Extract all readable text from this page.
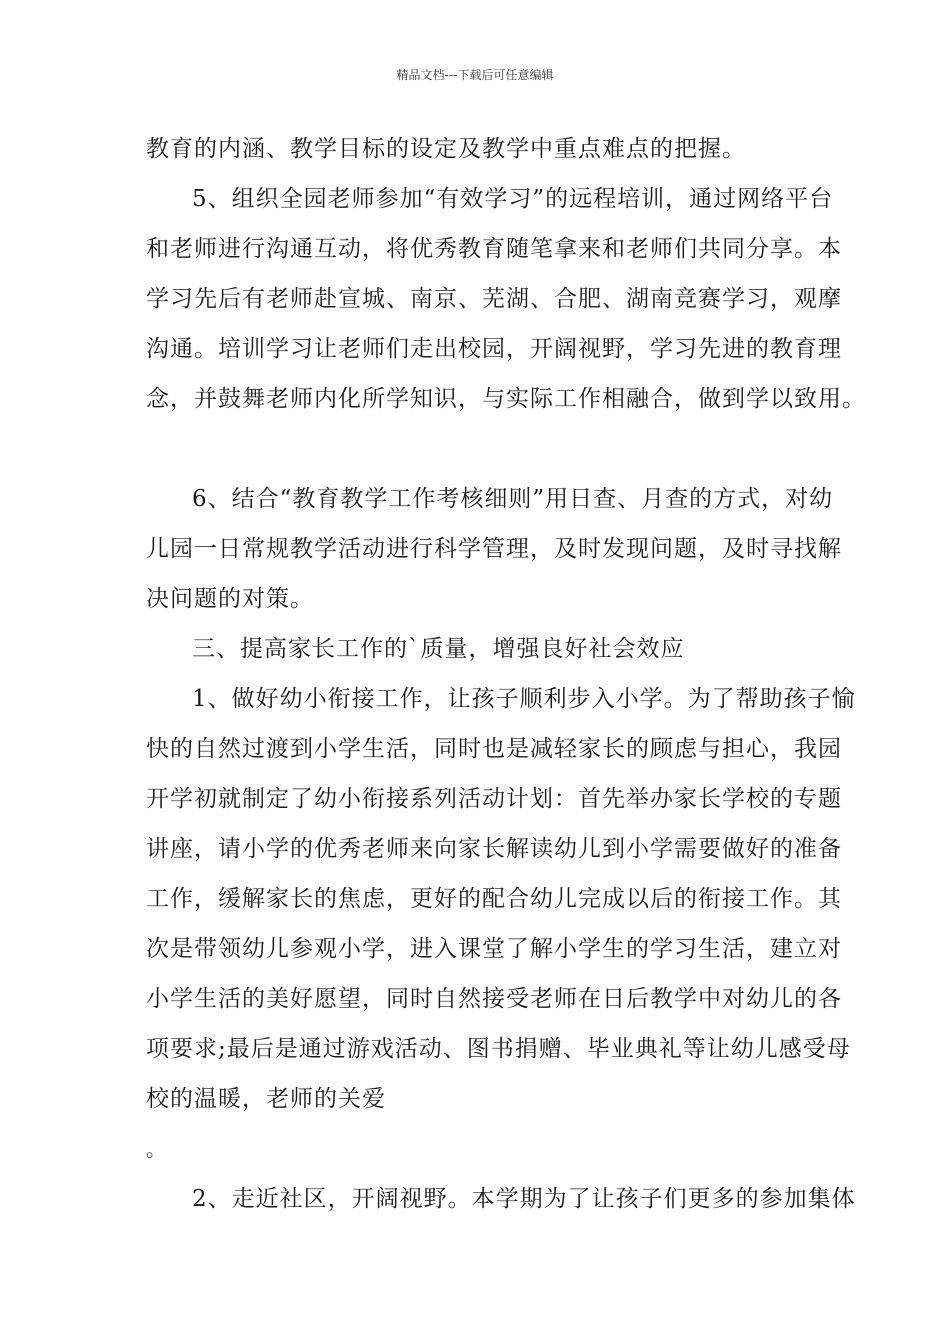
精品文档---下载后可任意编辑
教育的内涵、教学目标的设定及教学中重点难点的把握。
5、组织全园老师参加“有效学习”的远程培训，通过网络平台
和老师进行沟通互动，将优秀教育随笔拿来和老师们共同分享。本
学习先后有老师赴宣城、南京、芜湖、合肥、湖南竞赛学习，观摩
沟通。培训学习让老师们走出校园，开阔视野，学习先进的教育理
念，并鼓舞老师内化所学知识，与实际工作相融合，做到学以致用。
6、结合“教育教学工作考核细则”用日查、月查的方式，对幼
儿园一日常规教学活动进行科学管理，及时发现问题，及时寻找解
决问题的对策。
三、提高家长工作的`质量，增强良好社会效应
1、做好幼小衔接工作，让孩子顺利步入小学。为了帮助孩子愉
快的自然过渡到小学生活，同时也是减轻家长的顾虑与担心，我园
开学初就制定了幼小衔接系列活动计划：首先举办家长学校的专题
讲座，请小学的优秀老师来向家长解读幼儿到小学需要做好的准备
工作，缓解家长的焦虑，更好的配合幼儿完成以后的衔接工作。其
次是带领幼儿参观小学，进入课堂了解小学生的学习生活，建立对
小学生活的美好愿望，同时自然接受老师在日后教学中对幼儿的各
项要求;最后是通过游戏活动、图书捐赠、毕业典礼等让幼儿感受母
校的温暖，老师的关爱
。
2、走近社区，开阔视野。本学期为了让孩子们更多的参加集体
